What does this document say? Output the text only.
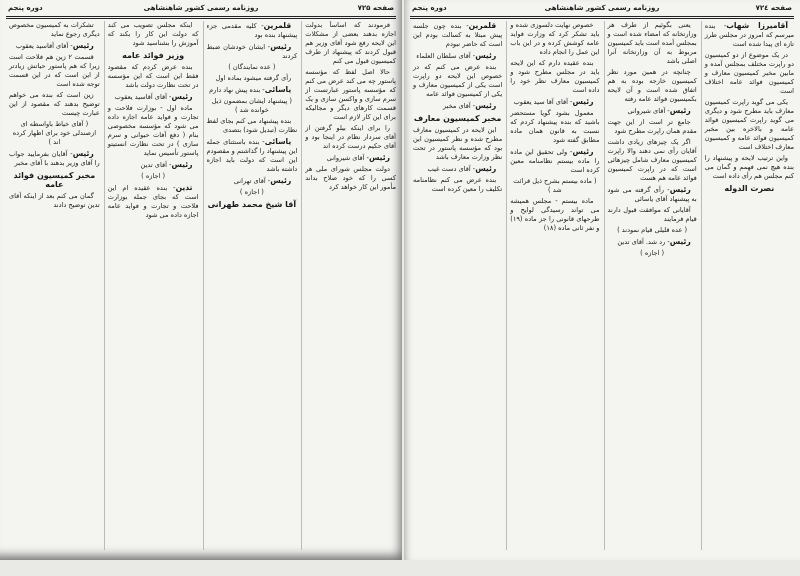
صفحه ۷۲۵
روزنامه رسمی کشور شاهنشاهی
دوره پنجم

فرمودند که اساساً بدولت اجازه بدهند بعضی از مشکلات این لایحه رفع شود آقای وزیر هم قبول کردند که پیشنهاد از طرف کمیسیون قبول می کنم

حالا اصل لفظ که مؤسسه پاستور چه می کند عرض می کنم که مؤسسه پاستور عبارتست از سرم سازی و واکسن سازی و یک قسمت کارهای دیگر و مجالیکه برای این کار لازم است

را برای اینکه بیلو گرفتن از آقای سردار نظام در اینجا بود و آقای حکیم درست کرده اند

رئیس- آقای شیروانی

دولت مجلس شورای ملی هر کسی را که خود صلاح بداند مأمور این کار خواهد کرد

قلمرین- کلیه مقدمی جزء پیشنهاد بنده بود

رئیس- ایشان خودشان ضبط کردند

( عده نمایندگان )

رأی گرفته میشود بماده اول

یاسائی- بنده پیش نهاد دارم

( پیشنهاد ایشان بمضمون ذیل خوانده شد )

بنده پیشنهاد می کنم بجای لفظ نظارت (تبدیل شود) بتصدی

یاسائی- بنده باستثنای جمله این پیشنهاد را گذاشتم و مقصودم این است که دولت باید اجازه داشته باشد

رئیس- آقای تهرانی

( اجازه )

آقا شیخ محمد طهرانی

اینکه مجلس تصویب می کند که دولت این کار را بکند که آموزش را بشناسید شود

وزیر فوائد عامه

بنده عرض کردم که مقصود فقط این است که این مؤسسه در تحت نظارت دولت باشد

رئیس- آقای آقاسید یعقوب

ماده اول - بوزارت فلاحت و تجارت و فواید عامه اجازه داده می شود که مؤسسه مخصوصی بنام ( دفع آفات حیوانی و سرم سازی ) در تحت نظارت انستیتو پاستور تأسیس نماید

رئیس- آقای تدین

( اجازه )

تدین- بنده عقیده ام این است که بجای جمله بوزارت فلاحت و تجارت و فواید عامه اجازه داده می شود

تشکرات به کمیسیون مخصوص دیگری رجوع نماید

رئیس- آقای آقاسید یعقوب

قسمت ۲ زین هم فلاحت است زیرا که هم پاستور حیاتش زیادتر از این است که در این قسمت توجه شده است

زین است که بنده می خواهم توضیح بدهند که مقصود از این عبارت چیست

( آقای خیاط باواسطه ای ازصندلی خود برای اظهار کرده اند )

رئیس- آقایان بفرمایید جواب را آقای وزیر بدهند با آقای مخبر

مخبر کمیسیون فوائد عامه

گمان می کنم بعد از اینکه آقای تدین توضیح دادند

صفحه ۷۲٤
روزنامه رسمی کشور شاهنشاهی
دوره پنجم

آقامیرزا شهاب- بنده میرسم که امروز در مجلس طرز تازه ای پیدا شده است

در یک موضوع از دو کمیسیون دو راپرت مختلف بمجلس آمده و مابین مخبر کمیسیون معارف و کمیسیون فوائد عامه اختلاف است

یکی می گوید راپرت کمیسیون معارف باید مطرح شود و دیگری می گوید راپرت کمیسیون فوائد عامه و بالاخره بین مخبر کمیسیون فوائد عامه و کمیسیون معارف اختلاف است

واین ترتیب لایحه و پیشنهاد را بنده هیچ نمی فهمم و گمان می کنم مجلس هم رأی داده است

نصرت الدوله

یعنی بگوئیم از طرف هر وزارتخانه که امضاء شده است و بمجلس آمده است باید کمیسیون مربوط به آن وزارتخانه آنرا اصلی باشد

چنانچه در همین مورد نظر کمیسیون خارجه بوده به هم اتفاق شده است و آن لایحه بکمیسیون فوائد عامه رفته

رئیس- آقای شیروانی

جامع تر است از این جهت مقدم همان راپرت مطرح شود

اگر یک چیزهای زیادی داشت آقایان رأی نمی دهند والا راپرت کمیسیون معارف شامل چیزهائی است که در راپرت کمیسیون فوائد عامه هم هست

رئیس- رأی گرفته می شود به پیشنهاد آقای یاسائی

آقایانی که موافقت قبول دارند قیام فرمایند

( عده قلیلی قیام نمودند )

رئیس- رد شد. آقای تدین

( اجازه )

خصوص نهایت دلسوزی شده و باید تشکر کرد که وزارت فواید عامه کوشش کرده و در این باب این عمل را انجام داده

بنده عقیده دارم که این لایحه باید در مجلس مطرح شود و کمیسیون معارف نظر خود را داده است

رئیس- آقای آقا سید یعقوب

معمول بشود گویا مستحضر باشید که بنده پیشنهاد کردم که نسبت به قانون همان ماده مطابق گفته شود

رئیس- ولی تحقیق این ماده را ماده بیستم نظامنامه معین کرده است

( ماده بیستم بشرح ذیل قرائت شد )

ماده بیستم - مجلس همیشه می تواند رسیدگی لوایح و طرحهای قانونی را جز ماده (۱۹) و نفر ثانی ماده (۱۸)

قلمرین- بنده چون جلسه پیش مبتلا به کسالت بودم این است که حاضر نبودم

رئیس- آقای سلطان العلماء

بنده عرض می کنم که در خصوص این لایحه دو راپرت است یکی از کمیسیون معارف و یکی از کمیسیون فوائد عامه

رئیس- آقای مخبر

مخبر کمیسیون معارف

این لایحه در کمیسیون معارف مطرح شده و نظر کمیسیون این بود که مؤسسه پاستور در تحت نظر وزارت معارف باشد

رئیس- آقای دست غیب

بنده عرض می کنم نظامنامه تکلیف را معین کرده است
